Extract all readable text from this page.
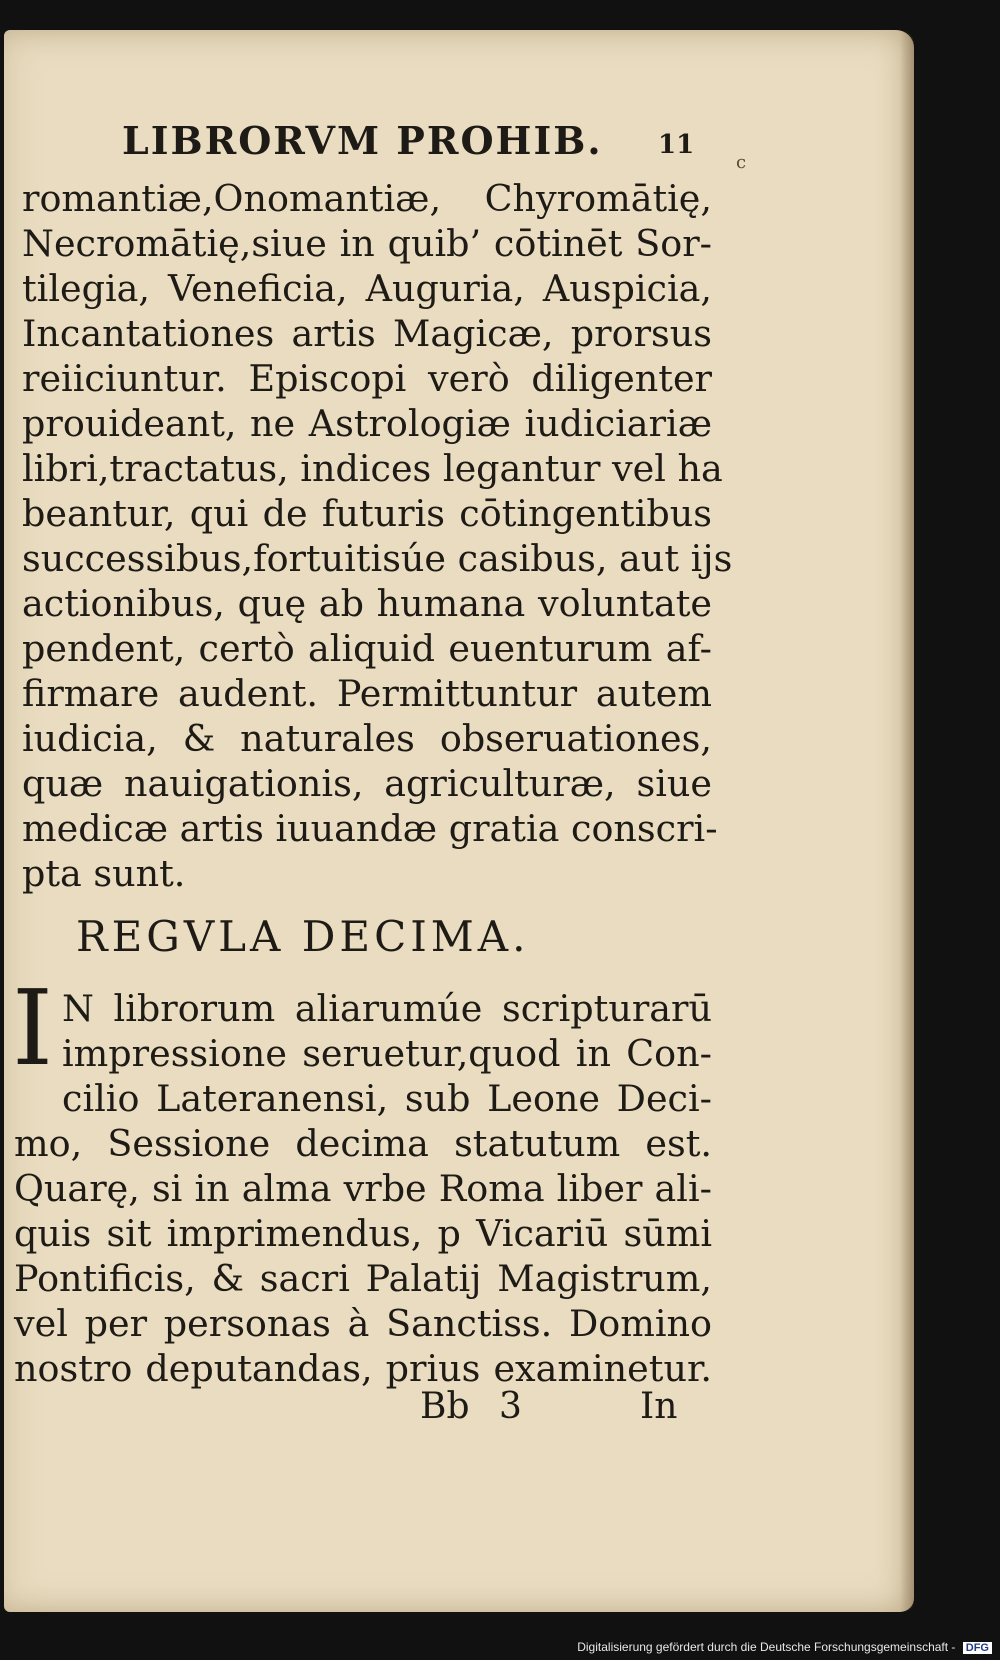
LIBRORVM PROHIB. 11
c
romantiæ,Onomantiæ, Chyromātię,
Necromātię,siue in quib’ cōtinēt Sor-
tilegia, Veneficia, Auguria, Auspicia,
Incantationes artis Magicæ, prorsus
reiiciuntur. Episcopi verò diligenter
prouideant, ne Astrologiæ iudiciariæ
libri,tractatus, indices legantur vel ha
beantur, qui de futuris cōtingentibus
successibus,fortuitisúe casibus, aut ijs
actionibus, quę ab humana voluntate
pendent, certò aliquid euenturum af-
firmare audent. Permittuntur autem
iudicia, & naturales obseruationes,
quæ nauigationis, agriculturæ, siue
medicæ artis iuuandæ gratia conscri-
pta sunt.
REGVLA DECIMA.
I N librorum aliarumúe scripturarū
impressione seruetur,quod in Con-
cilio Lateranensi, sub Leone Deci-
mo, Sessione decima statutum est.
Quarę, si in alma vrbe Roma liber ali-
quis sit imprimendus, p Vicariū sūmi
Pontificis, & sacri Palatij Magistrum,
vel per personas à Sanctiss. Domino
nostro deputandas, prius examinetur.
Bb 3	In
Digitalisierung gefördert durch die Deutsche Forschungsgemeinschaft - DFG
